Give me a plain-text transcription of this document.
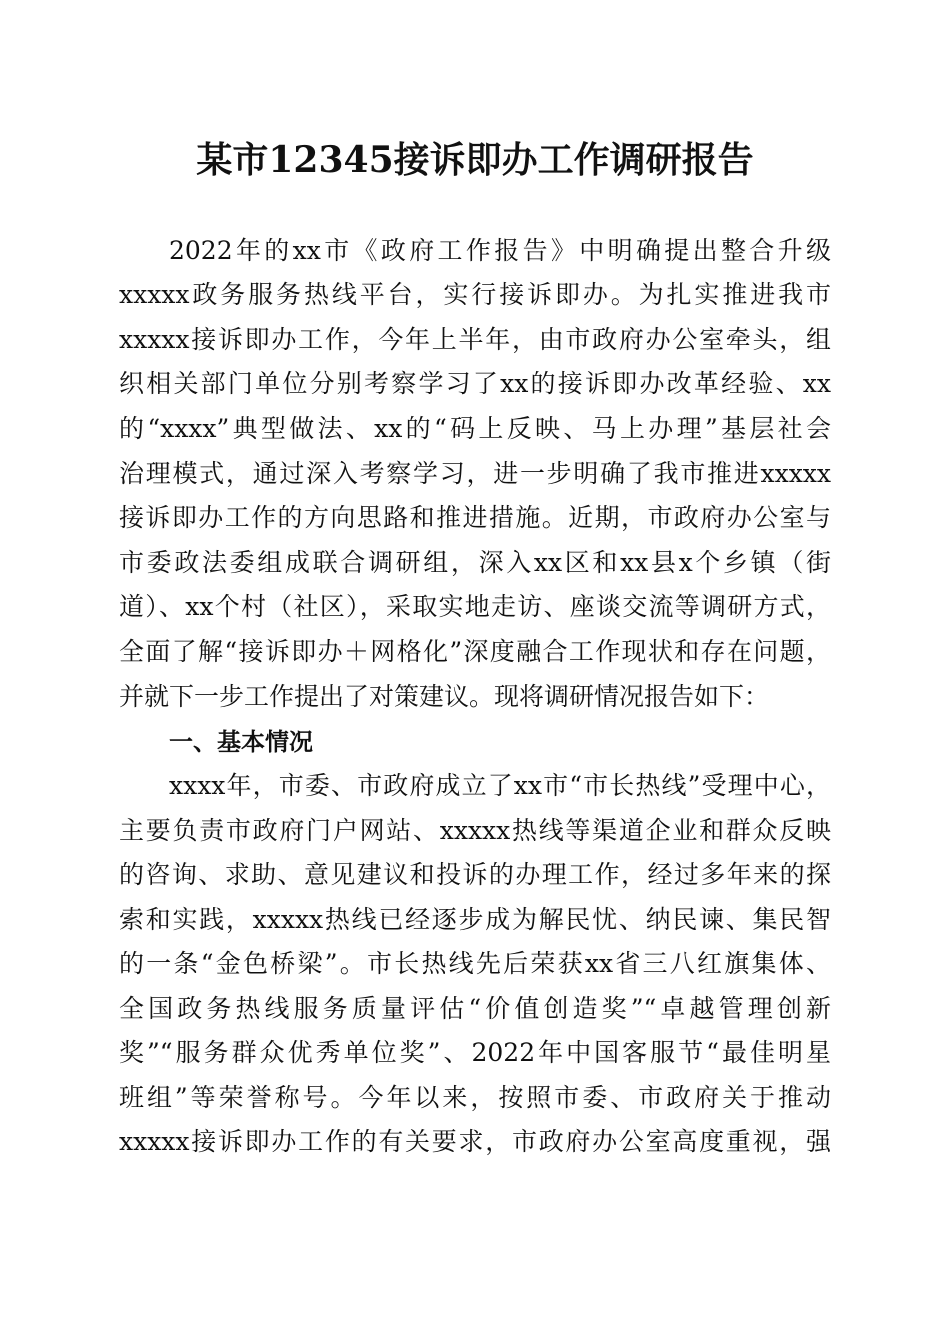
某市12345接诉即办工作调研报告
2022年的xx市《政府工作报告》中明确提出整合升级
xxxxx政务服务热线平台，实行接诉即办。为扎实推进我市
xxxxx接诉即办工作，今年上半年，由市政府办公室牵头，组
织相关部门单位分别考察学习了xx的接诉即办改革经验、xx
的“xxxx”典型做法、xx的“码上反映、马上办理”基层社会
治理模式，通过深入考察学习，进一步明确了我市推进xxxxx
接诉即办工作的方向思路和推进措施。近期，市政府办公室与
市委政法委组成联合调研组，深入xx区和xx县x个乡镇（街
道）、xx个村（社区），采取实地走访、座谈交流等调研方式，
全面了解“接诉即办＋网格化”深度融合工作现状和存在问题，
并就下一步工作提出了对策建议。现将调研情况报告如下：
一、基本情况
xxxx年，市委、市政府成立了xx市“市长热线”受理中心，
主要负责市政府门户网站、xxxxx热线等渠道企业和群众反映
的咨询、求助、意见建议和投诉的办理工作，经过多年来的探
索和实践，xxxxx热线已经逐步成为解民忧、纳民谏、集民智
的一条“金色桥梁”。市长热线先后荣获xx省三八红旗集体、
全国政务热线服务质量评估“价值创造奖”“卓越管理创新
奖”“服务群众优秀单位奖”、2022年中国客服节“最佳明星
班组”等荣誉称号。今年以来，按照市委、市政府关于推动
xxxxx接诉即办工作的有关要求，市政府办公室高度重视，强
